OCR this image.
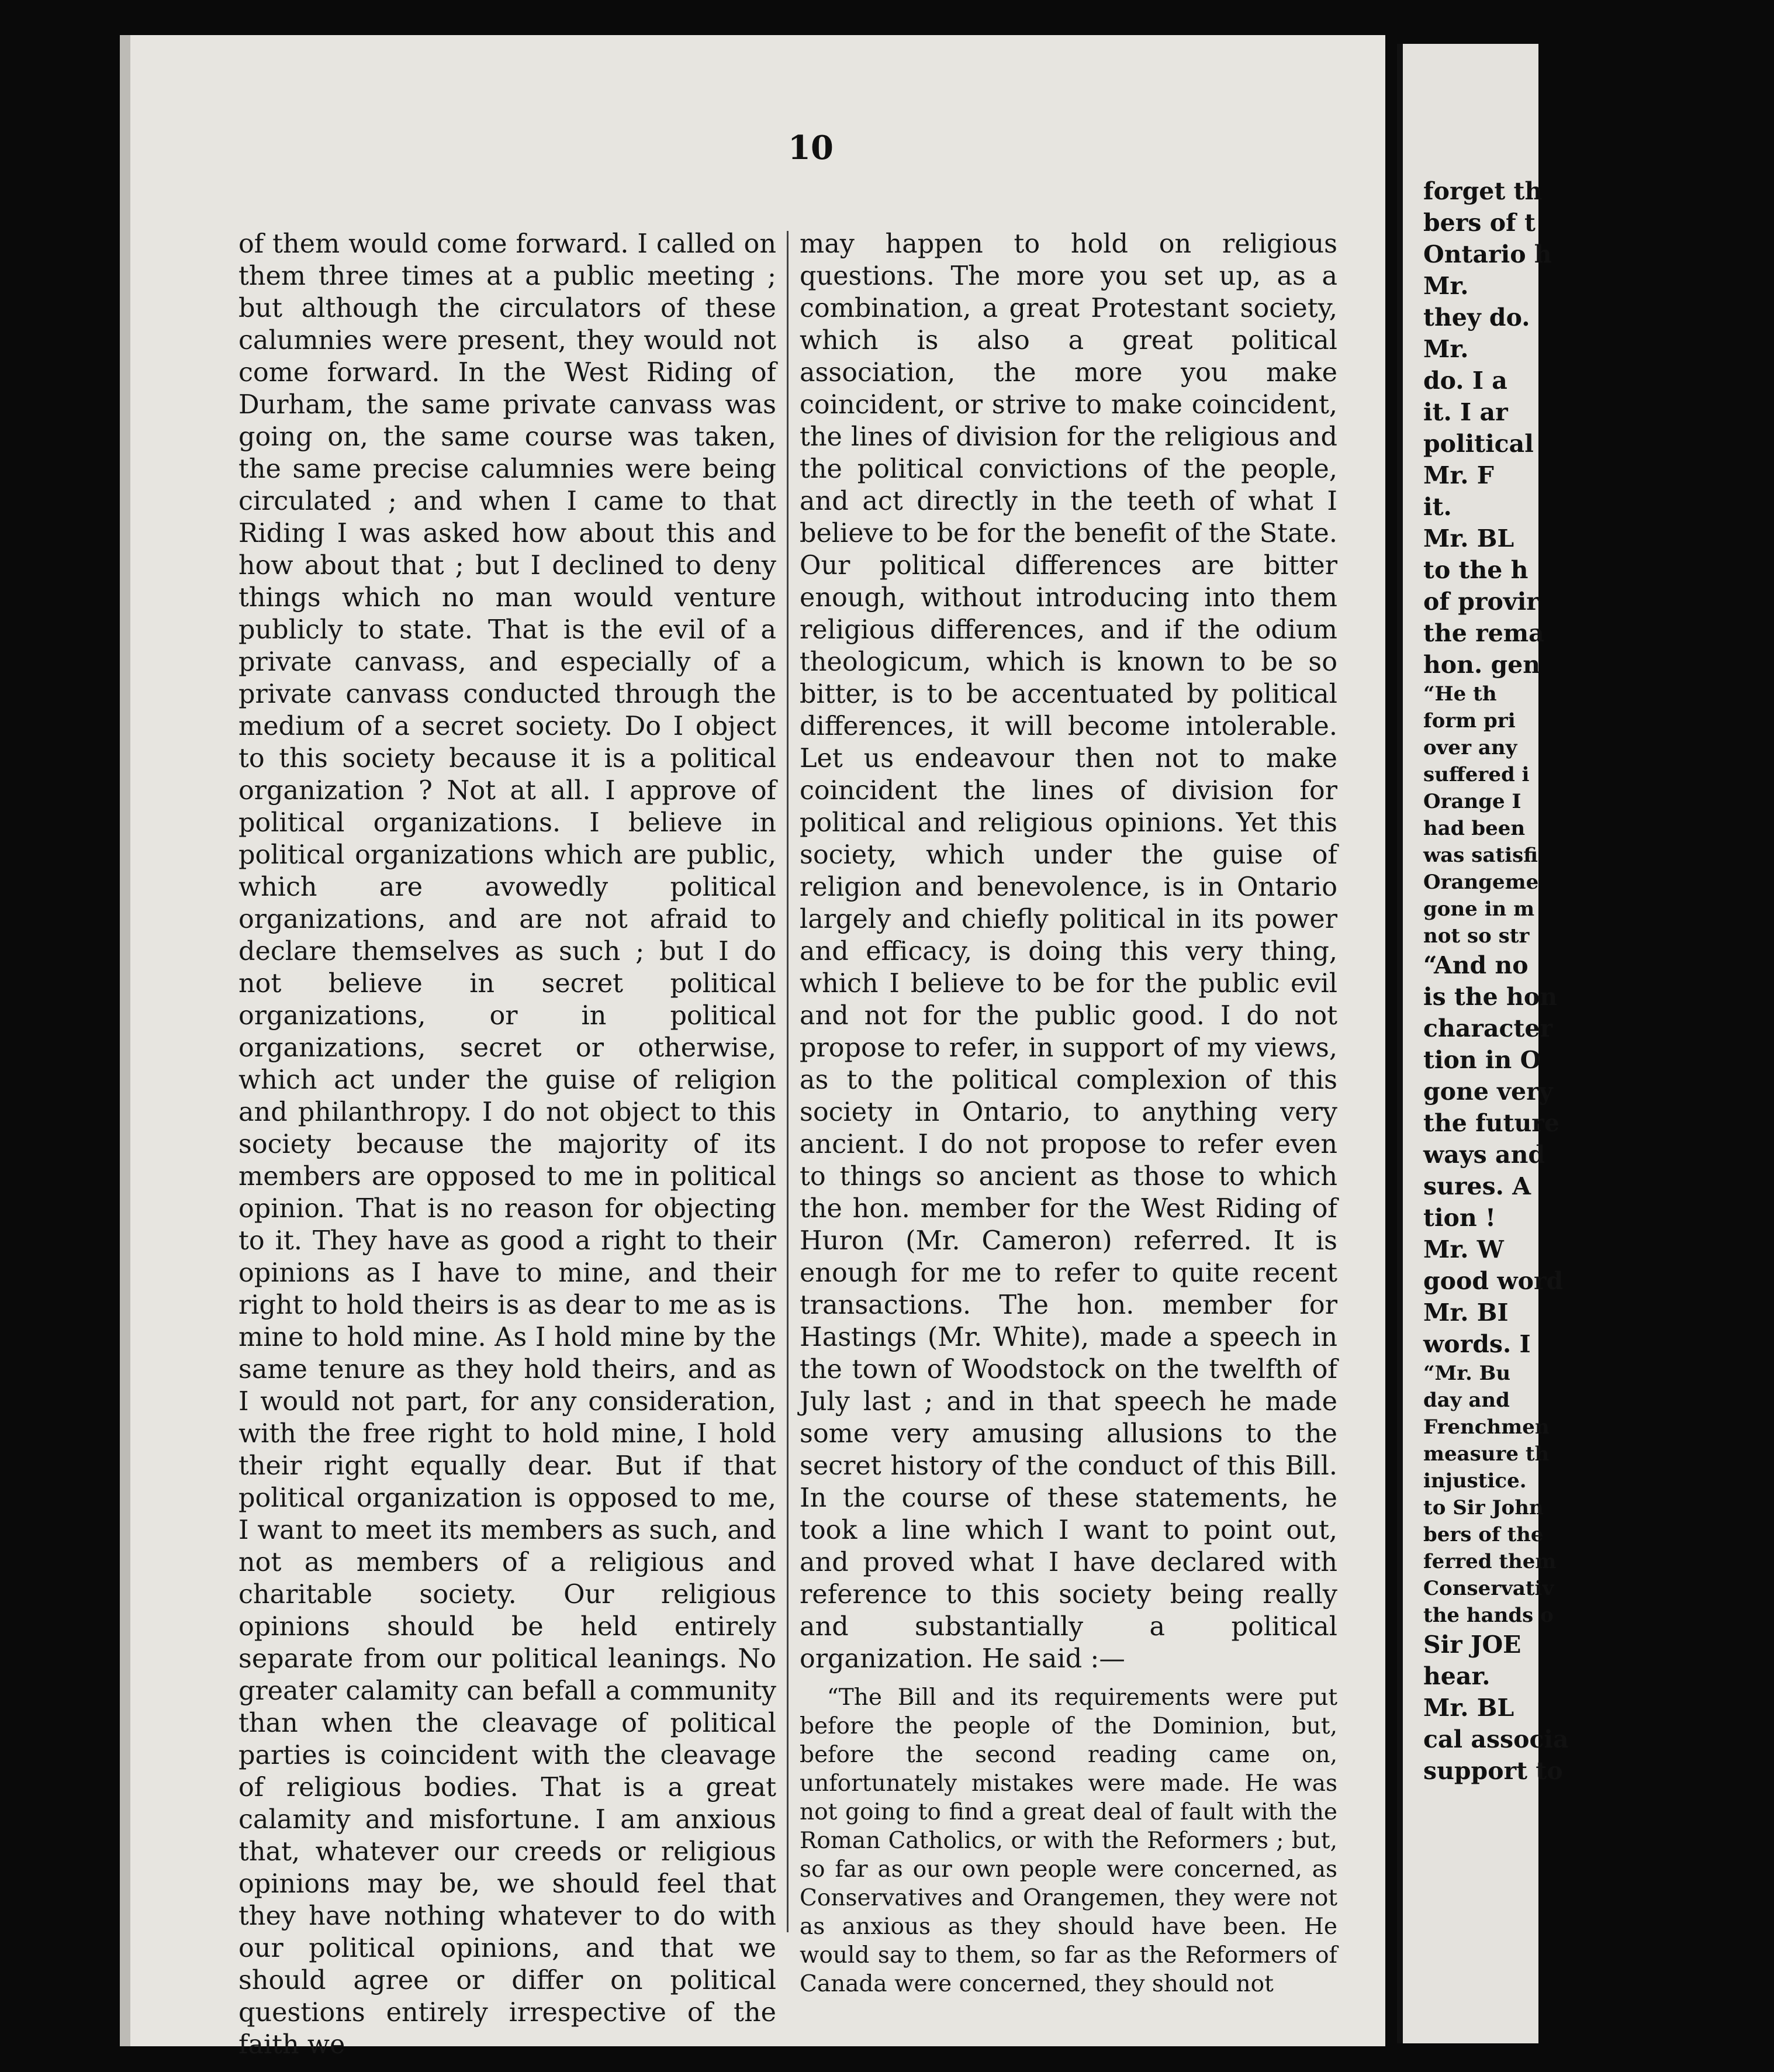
10

of them would come forward. I called on them three times at a public meeting ; but although the circulators of these calumnies were present, they would not come forward. In the West Riding of Durham, the same private canvass was going on, the same course was taken, the same precise calumnies were being circulated ; and when I came to that Riding I was asked how about this and how about that ; but I declined to deny things which no man would venture publicly to state. That is the evil of a private canvass, and especially of a private canvass conducted through the medium of a secret society. Do I object to this society because it is a political organization ? Not at all. I approve of political organizations. I believe in political organizations which are public, which are avowedly political organizations, and are not afraid to declare themselves as such ; but I do not believe in secret political organizations, or in political organizations, secret or otherwise, which act under the guise of religion and philanthropy. I do not object to this society because the majority of its members are opposed to me in political opinion. That is no reason for objecting to it. They have as good a right to their opinions as I have to mine, and their right to hold theirs is as dear to me as is mine to hold mine. As I hold mine by the same tenure as they hold theirs, and as I would not part, for any consideration, with the free right to hold mine, I hold their right equally dear. But if that political organization is opposed to me, I want to meet its members as such, and not as members of a religious and charitable society. Our religious opinions should be held entirely separate from our political leanings. No greater calamity can befall a community than when the cleavage of political parties is coincident with the cleavage of religious bodies. That is a great calamity and misfortune. I am anxious that, whatever our creeds or religious opinions may be, we should feel that they have nothing whatever to do with our political opinions, and that we should agree or differ on political questions entirely irrespective of the faith we

may happen to hold on religious questions. The more you set up, as a combination, a great Protestant society, which is also a great political association, the more you make coincident, or strive to make coincident, the lines of division for the religious and the political convictions of the people, and act directly in the teeth of what I believe to be for the benefit of the State. Our political differences are bitter enough, without introducing into them religious differences, and if the odium theologicum, which is known to be so bitter, is to be accentuated by political differences, it will become intolerable. Let us endeavour then not to make coincident the lines of division for political and religious opinions. Yet this society, which under the guise of religion and benevolence, is in Ontario largely and chiefly political in its power and efficacy, is doing this very thing, which I believe to be for the public evil and not for the public good. I do not propose to refer, in support of my views, as to the political complexion of this society in Ontario, to anything very ancient. I do not propose to refer even to things so ancient as those to which the hon. member for the West Riding of Huron (Mr. Cameron) referred. It is enough for me to refer to quite recent transactions. The hon. member for Hastings (Mr. White), made a speech in the town of Woodstock on the twelfth of July last ; and in that speech he made some very amusing allusions to the secret history of the conduct of this Bill. In the course of these statements, he took a line which I want to point out, and proved what I have declared with reference to this society being really and substantially a political organization. He said :—

“The Bill and its requirements were put before the people of the Dominion, but, before the second reading came on, unfortunately mistakes were made. He was not going to find a great deal of fault with the Roman Catholics, or with the Reformers ; but, so far as our own people were concerned, as Conservatives and Orangemen, they were not as anxious as they should have been. He would say to them, so far as the Reformers of Canada were concerned, they should not

forget th
bers of t
Ontario h
Mr.
they do.
Mr.
do. I a
it. I ar
political
Mr. F
it.
Mr. BL
to the h
of provir
the rema
hon. gen
“He th
form pri
over any
suffered i
Orange I
had been
was satisfi
Orangeme
gone in m
not so str
“And no
is the hon
character
tion in O
gone very
the future
ways and
sures. A
tion !
Mr. W
good word
Mr. BI
words. I
“Mr. Bu
day and
Frenchmen
measure th
injustice.
to Sir John
bers of the
ferred them
Conservativ
the hands o
Sir JOE
hear.
Mr. BL
cal associa
support to
